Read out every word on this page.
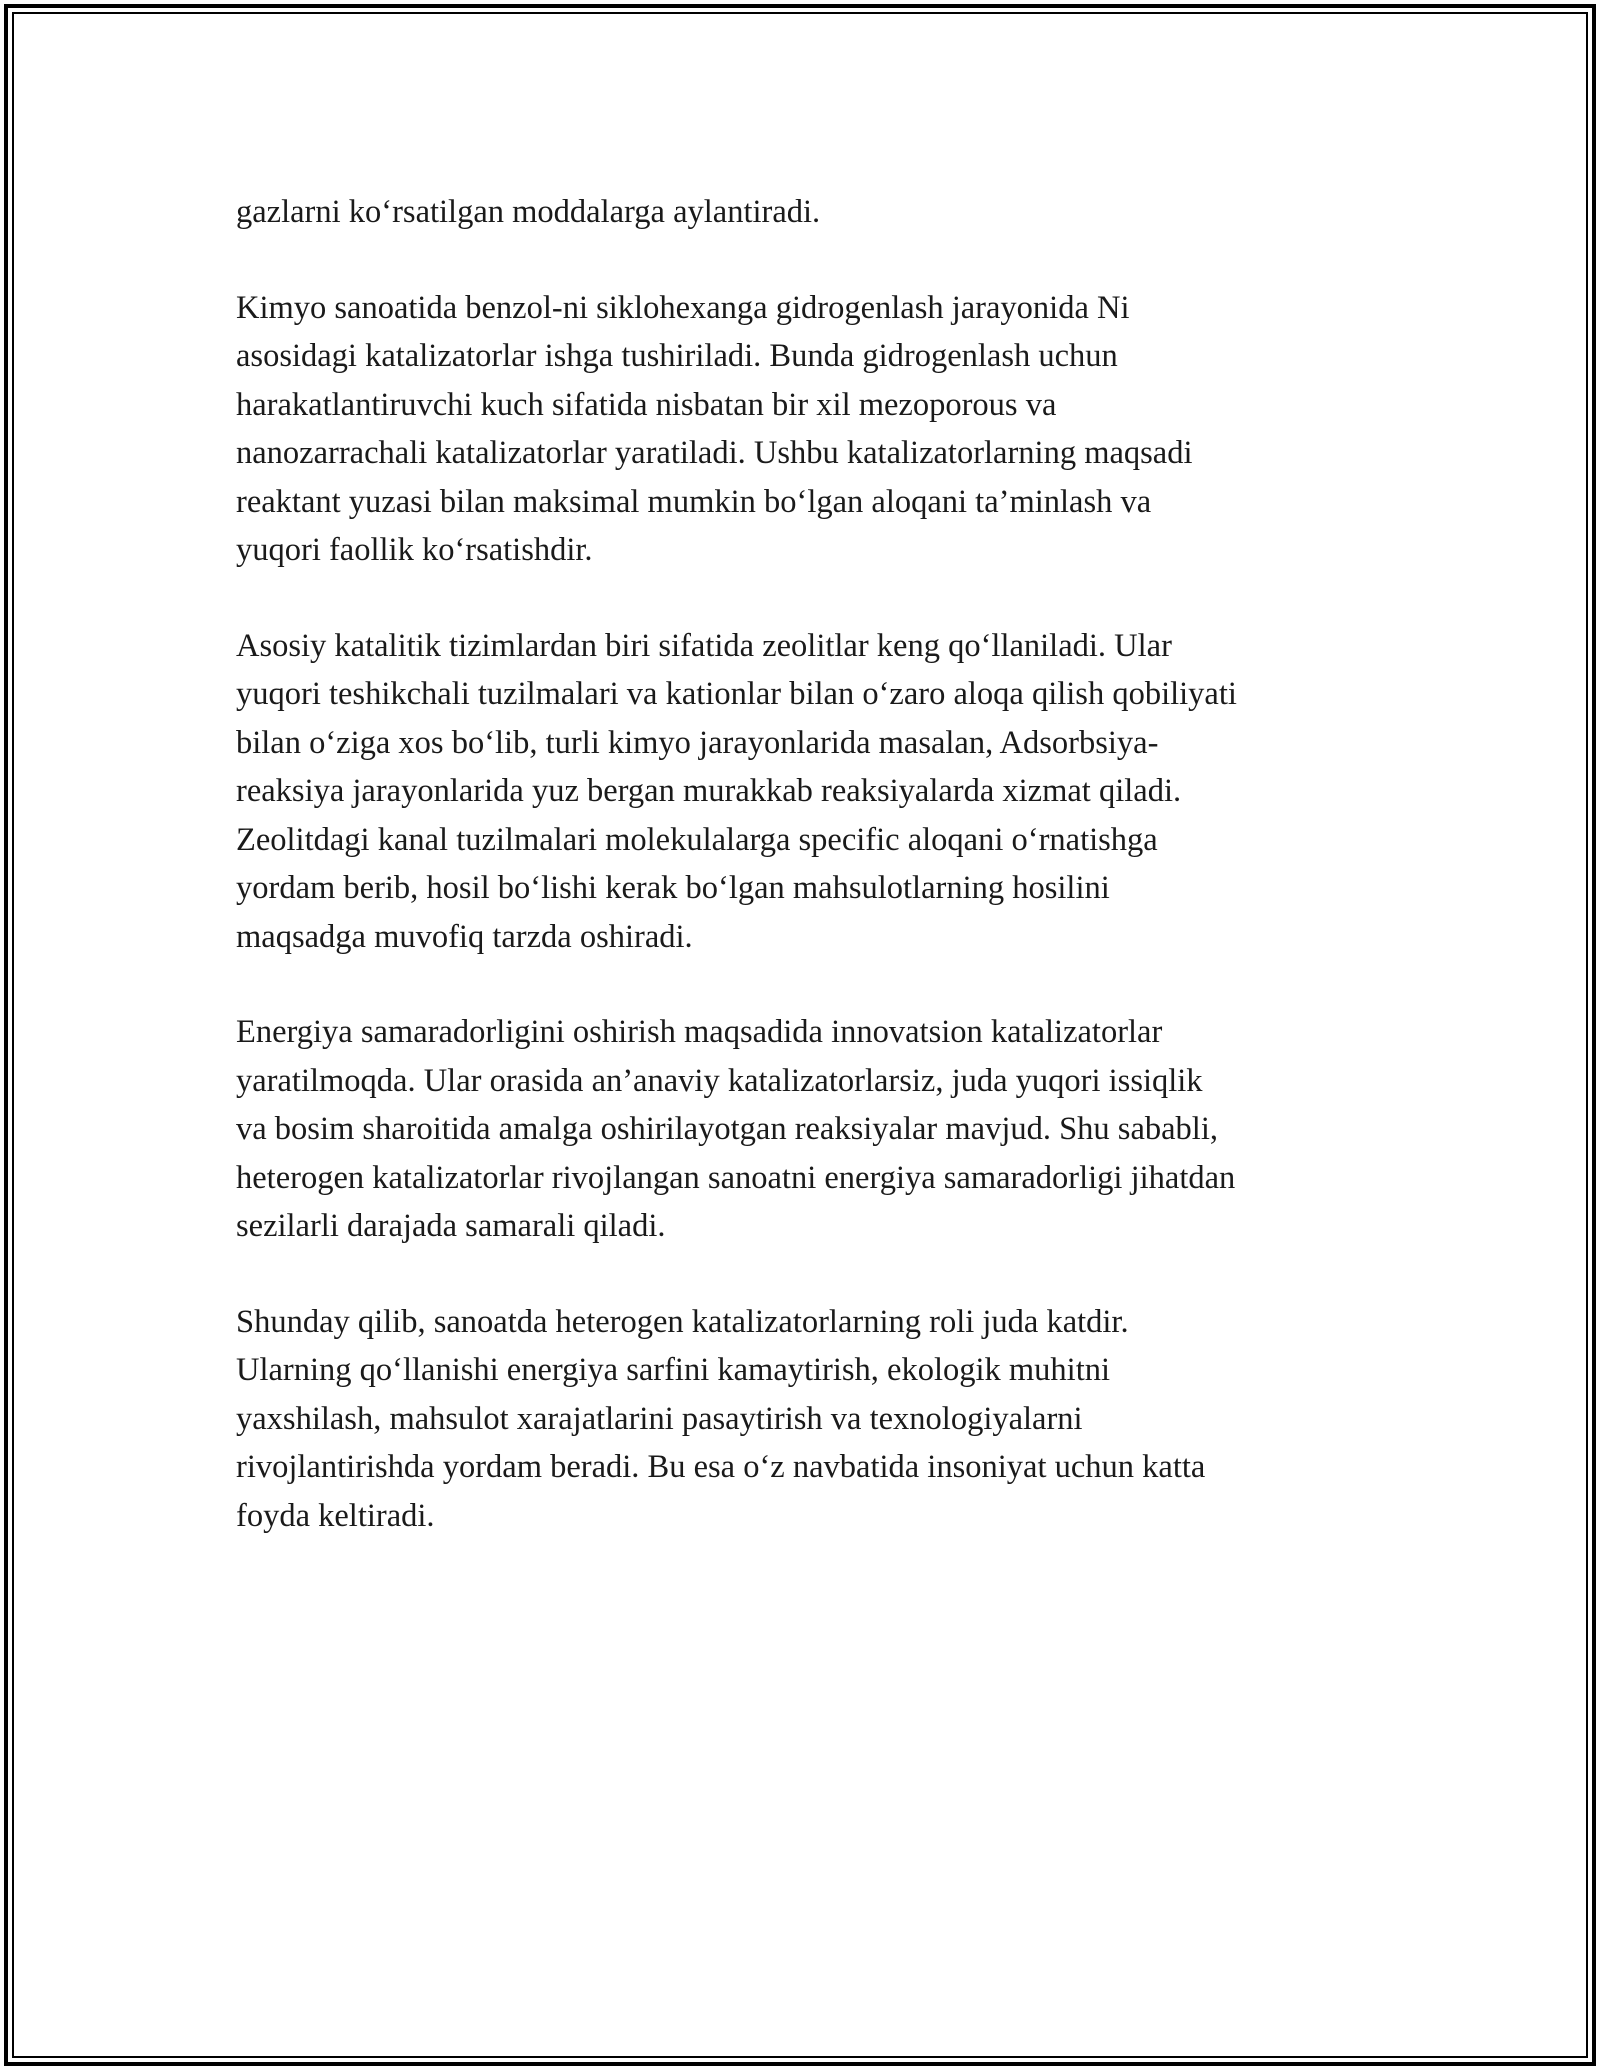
gazlarni ko‘rsatilgan moddalarga aylantiradi.

Kimyo sanoatida benzol-ni siklohexanga gidrogenlash jarayonida Ni
asosidagi katalizatorlar ishga tushiriladi. Bunda gidrogenlash uchun
harakatlantiruvchi kuch sifatida nisbatan bir xil mezoporous va
nanozarrachali katalizatorlar yaratiladi. Ushbu katalizatorlarning maqsadi
reaktant yuzasi bilan maksimal mumkin bo‘lgan aloqani ta’minlash va
yuqori faollik ko‘rsatishdir.

Asosiy katalitik tizimlardan biri sifatida zeolitlar keng qo‘llaniladi. Ular
yuqori teshikchali tuzilmalari va kationlar bilan o‘zaro aloqa qilish qobiliyati
bilan o‘ziga xos bo‘lib, turli kimyo jarayonlarida masalan, Adsorbsiya-
reaksiya jarayonlarida yuz bergan murakkab reaksiyalarda xizmat qiladi.
Zeolitdagi kanal tuzilmalari molekulalarga specific aloqani o‘rnatishga
yordam berib, hosil bo‘lishi kerak bo‘lgan mahsulotlarning hosilini
maqsadga muvofiq tarzda oshiradi.

Energiya samaradorligini oshirish maqsadida innovatsion katalizatorlar
yaratilmoqda. Ular orasida an’anaviy katalizatorlarsiz, juda yuqori issiqlik
va bosim sharoitida amalga oshirilayotgan reaksiyalar mavjud. Shu sababli,
heterogen katalizatorlar rivojlangan sanoatni energiya samaradorligi jihatdan
sezilarli darajada samarali qiladi.

Shunday qilib, sanoatda heterogen katalizatorlarning roli juda katdir.
Ularning qo‘llanishi energiya sarfini kamaytirish, ekologik muhitni
yaxshilash, mahsulot xarajatlarini pasaytirish va texnologiyalarni
rivojlantirishda yordam beradi. Bu esa o‘z navbatida insoniyat uchun katta
foyda keltiradi.
